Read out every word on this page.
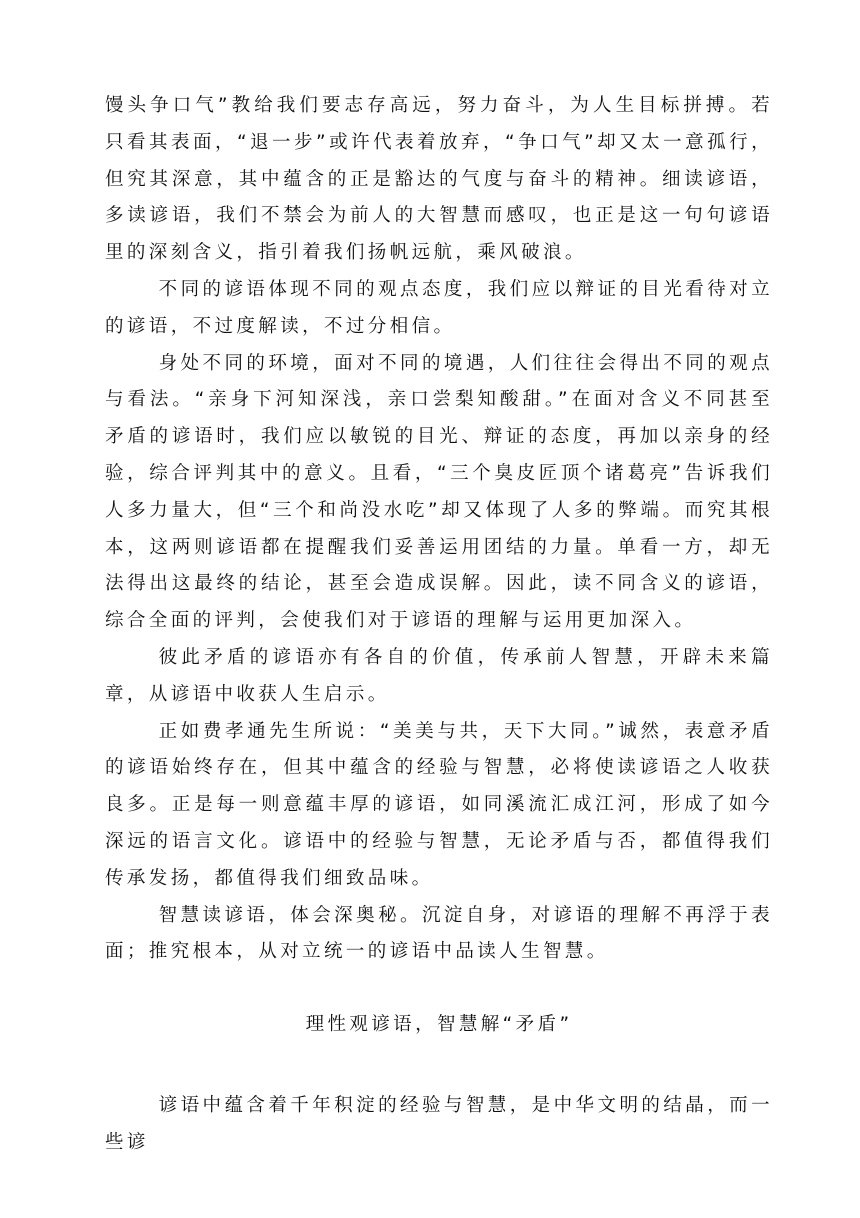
馒头争口气”教给我们要志存高远，努力奋斗，为人生目标拼搏。若只看其表面，“退一步”或许代表着放弃，“争口气”却又太一意孤行，但究其深意，其中蕴含的正是豁达的气度与奋斗的精神。细读谚语，多读谚语，我们不禁会为前人的大智慧而感叹，也正是这一句句谚语里的深刻含义，指引着我们扬帆远航，乘风破浪。

不同的谚语体现不同的观点态度，我们应以辩证的目光看待对立的谚语，不过度解读，不过分相信。

身处不同的环境，面对不同的境遇，人们往往会得出不同的观点与看法。“亲身下河知深浅，亲口尝梨知酸甜。”在面对含义不同甚至矛盾的谚语时，我们应以敏锐的目光、辩证的态度，再加以亲身的经验，综合评判其中的意义。且看，“三个臭皮匠顶个诸葛亮”告诉我们人多力量大，但“三个和尚没水吃”却又体现了人多的弊端。而究其根本，这两则谚语都在提醒我们妥善运用团结的力量。单看一方，却无法得出这最终的结论，甚至会造成误解。因此，读不同含义的谚语，综合全面的评判，会使我们对于谚语的理解与运用更加深入。

彼此矛盾的谚语亦有各自的价值，传承前人智慧，开辟未来篇章，从谚语中收获人生启示。

正如费孝通先生所说：“美美与共，天下大同。”诚然，表意矛盾的谚语始终存在，但其中蕴含的经验与智慧，必将使读谚语之人收获良多。正是每一则意蕴丰厚的谚语，如同溪流汇成江河，形成了如今深远的语言文化。谚语中的经验与智慧，无论矛盾与否，都值得我们传承发扬，都值得我们细致品味。

智慧读谚语，体会深奥秘。沉淀自身，对谚语的理解不再浮于表面；推究根本，从对立统一的谚语中品读人生智慧。

理性观谚语，智慧解“矛盾”

谚语中蕴含着千年积淀的经验与智慧，是中华文明的结晶，而一些谚
